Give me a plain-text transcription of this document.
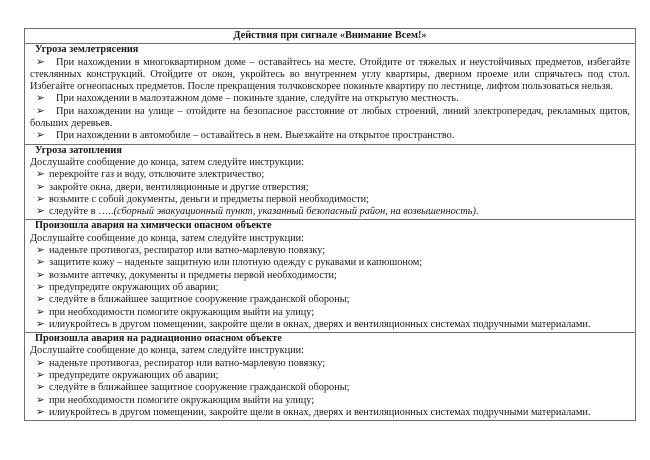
Действия при сигнале «Внимание Всем!»

Угроза землетрясения
➢ При нахождении в многоквартирном доме – оставайтесь на месте. Отойдите от тяжелых и неустойчивых предметов, избегайте стеклянных конструкций. Отойдите от окон, укройтесь во внутреннем углу квартиры, дверном проеме или спрячьтесь под стол. Избегайте огнеопасных предметов. После прекращения толчковскорее покиньте квартиру по лестнице, лифтом пользоваться нельзя.
➢ При нахождении в малоэтажном доме – покиньте здание, следуйте на открытую местность.
➢ При нахождении на улице – отойдите на безопасное расстояние от любых строений, линий электропередач, рекламных щитов, больших деревьев.
➢ При нахождении в автомобиле – оставайтесь в нем. Выезжайте на открытое пространство.

Угроза затопления
Дослушайте сообщение до конца, затем следуйте инструкции:
➢ перекройте газ и воду, отключите электричество;
➢ закройте окна, двери, вентиляционные и другие отверстия;
➢ возьмите с собой документы, деньги и предметы первой необходимости;
➢ следуйте в …..(сборный эвакуационный пункт, указанный безопасный район, на возвышенность).

Произошла авария на химически опасном объекте
Дослушайте сообщение до конца, затем следуйте инструкции:
➢ наденьте противогаз, респиратор или ватно-марлевую повязку;
➢ защитите кожу – наденьте защитную или плотную одежду с рукавами и капюшоном;
➢ возьмите аптечку, документы и предметы первой необходимости;
➢ предупредите окружающих об аварии;
➢ следуйте в ближайшее защитное сооружение гражданской обороны;
➢ при необходимости помогите окружающим выйти на улицу;
➢ илиукройтесь в другом помещении, закройте щели в окнах, дверях и вентиляционных системах подручными материалами.

Произошла авария на радиационно опасном объекте
Дослушайте сообщение до конца, затем следуйте инструкции:
➢ наденьте противогаз, респиратор или ватно-марлевую повязку;
➢ предупредите окружающих об аварии;
➢ следуйте в ближайшее защитное сооружение гражданской обороны;
➢ при необходимости помогите окружающим выйти на улицу;
➢ илиукройтесь в другом помещении, закройте щели в окнах, дверях и вентиляционных системах подручными материалами.
